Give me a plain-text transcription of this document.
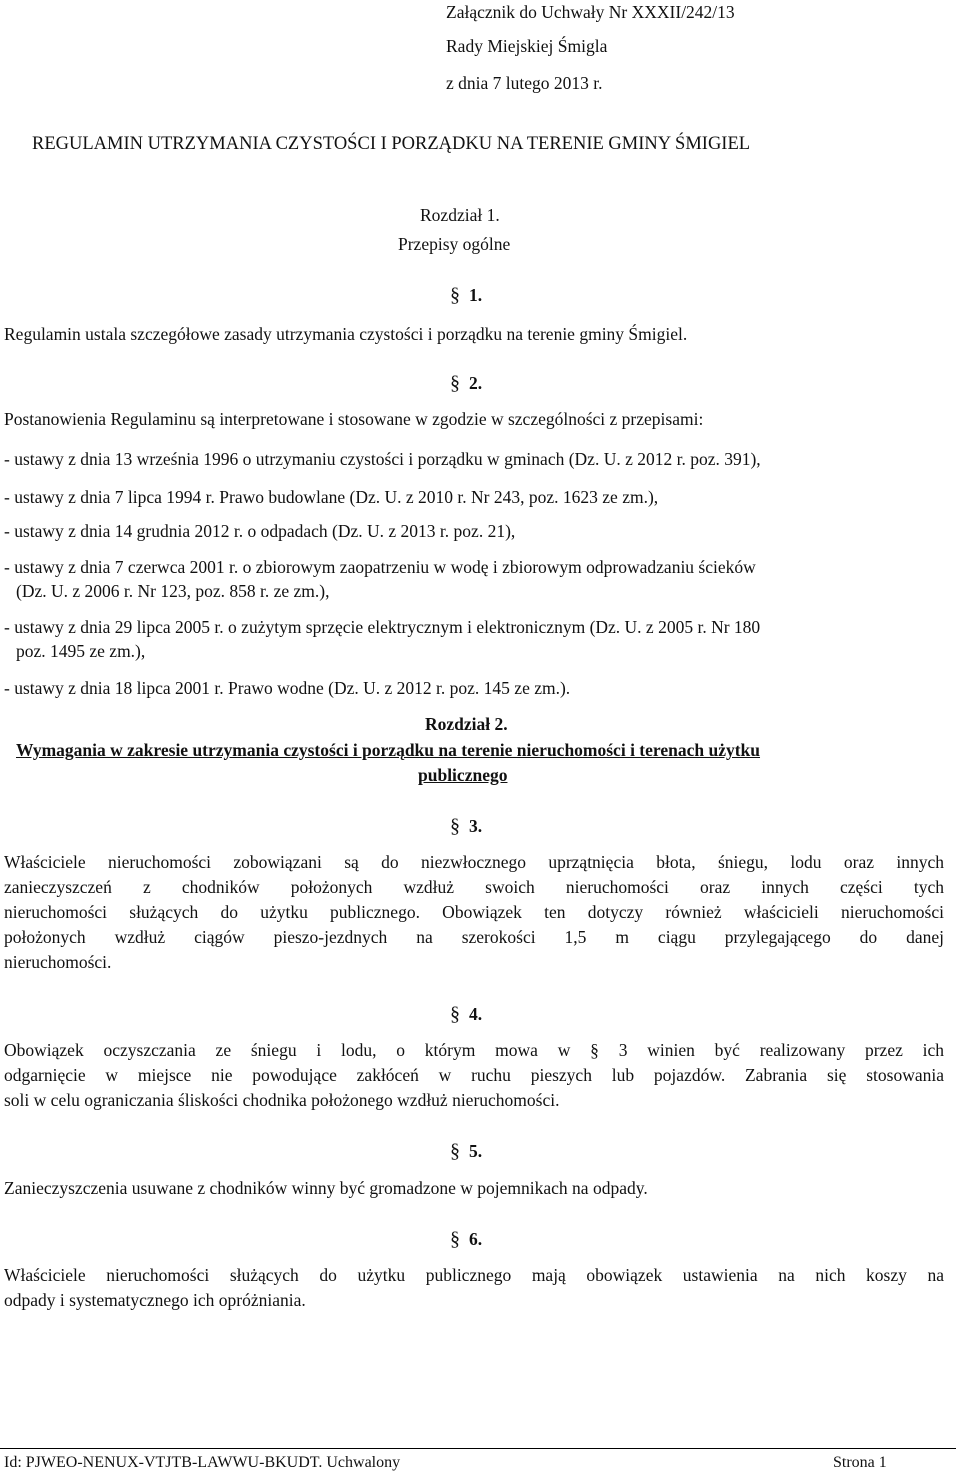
Załącznik do Uchwały Nr XXXII/242/13
Rady Miejskiej Śmigla
z dnia 7 lutego 2013 r.
REGULAMIN UTRZYMANIA CZYSTOŚCI I PORZĄDKU NA TERENIE GMINY ŚMIGIEL
Rozdział 1.
Przepisy ogólne
§ 1.
Regulamin ustala szczegółowe zasady utrzymania czystości i porządku na terenie gminy Śmigiel.
§ 2.
Postanowienia Regulaminu są interpretowane i stosowane w zgodzie w szczególności z przepisami:
- ustawy z dnia 13 września 1996 o utrzymaniu czystości i porządku w gminach (Dz. U. z 2012 r. poz. 391),
- ustawy z dnia 7 lipca 1994 r. Prawo budowlane (Dz. U. z 2010 r. Nr 243, poz. 1623 ze zm.),
- ustawy z dnia 14 grudnia 2012 r. o odpadach (Dz. U. z 2013 r. poz. 21),
- ustawy z dnia 7 czerwca 2001 r. o zbiorowym zaopatrzeniu w wodę i zbiorowym odprowadzaniu ścieków
(Dz. U. z 2006 r. Nr 123, poz. 858 r. ze zm.),
- ustawy z dnia 29 lipca 2005 r. o zużytym sprzęcie elektrycznym i elektronicznym (Dz. U. z 2005 r. Nr 180
poz. 1495 ze zm.),
- ustawy z dnia 18 lipca 2001 r. Prawo wodne (Dz. U. z 2012 r. poz. 145 ze zm.).
Rozdział 2.
Wymagania w zakresie utrzymania czystości i porządku na terenie nieruchomości i terenach użytku
publicznego
§ 3.
Właściciele nieruchomości zobowiązani są do niezwłocznego uprzątnięcia błota, śniegu, lodu oraz innych
zanieczyszczeń z chodników położonych wzdłuż swoich nieruchomości oraz innych części tych
nieruchomości służących do użytku publicznego. Obowiązek ten dotyczy również właścicieli nieruchomości
położonych wzdłuż ciągów pieszo-jezdnych na szerokości 1,5 m ciągu przylegającego do danej
nieruchomości.
§ 4.
Obowiązek oczyszczania ze śniegu i lodu, o którym mowa w § 3 winien być realizowany przez ich
odgarnięcie w miejsce nie powodujące zakłóceń w ruchu pieszych lub pojazdów. Zabrania się stosowania
soli w celu ograniczania śliskości chodnika położonego wzdłuż nieruchomości.
§ 5.
Zanieczyszczenia usuwane z chodników winny być gromadzone w pojemnikach na odpady.
§ 6.
Właściciele nieruchomości służących do użytku publicznego mają obowiązek ustawienia na nich koszy na
odpady i systematycznego ich opróżniania.
Id: PJWEO-NENUX-VTJTB-LAWWU-BKUDT. Uchwalony	Strona 1
